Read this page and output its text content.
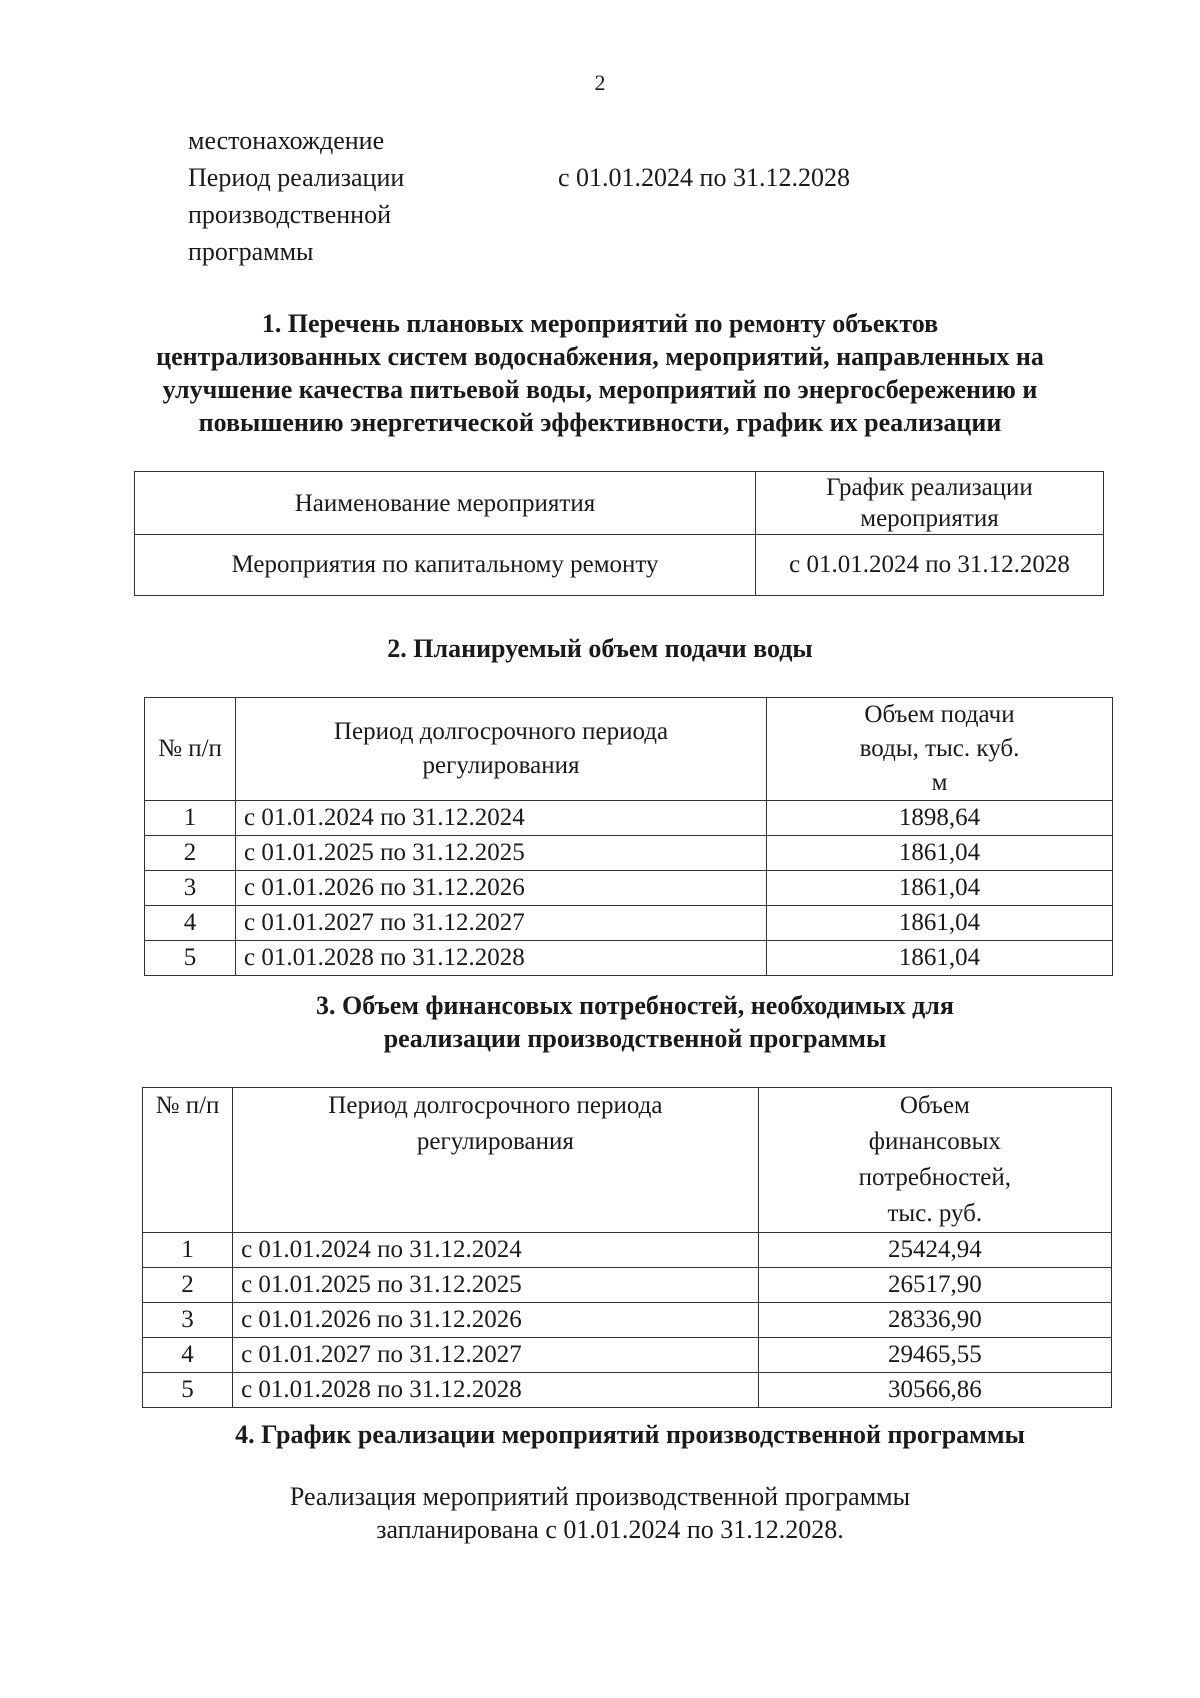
2
местонахождение
Период реализации
производственной
программы
с 01.01.2024 по 31.12.2028
1. Перечень плановых мероприятий по ремонту объектов
централизованных систем водоснабжения, мероприятий, направленных на
улучшение качества питьевой воды, мероприятий по энергосбережению и
повышению энергетической эффективности, график их реализации
Наименование мероприятия	График реализации мероприятия
Мероприятия по капитальному ремонту	с 01.01.2024 по 31.12.2028
2. Планируемый объем подачи воды
№ п/п	Период долгосрочного периода регулирования	Объем подачи воды, тыс. куб. м
1	с 01.01.2024 по 31.12.2024	1898,64
2	с 01.01.2025 по 31.12.2025	1861,04
3	с 01.01.2026 по 31.12.2026	1861,04
4	с 01.01.2027 по 31.12.2027	1861,04
5	с 01.01.2028 по 31.12.2028	1861,04
3. Объем финансовых потребностей, необходимых для
реализации производственной программы
№ п/п	Период долгосрочного периода регулирования	Объем финансовых потребностей, тыс. руб.
1	с 01.01.2024 по 31.12.2024	25424,94
2	с 01.01.2025 по 31.12.2025	26517,90
3	с 01.01.2026 по 31.12.2026	28336,90
4	с 01.01.2027 по 31.12.2027	29465,55
5	с 01.01.2028 по 31.12.2028	30566,86
4. График реализации мероприятий производственной программы
Реализация мероприятий производственной программы
запланирована с 01.01.2024 по 31.12.2028.
